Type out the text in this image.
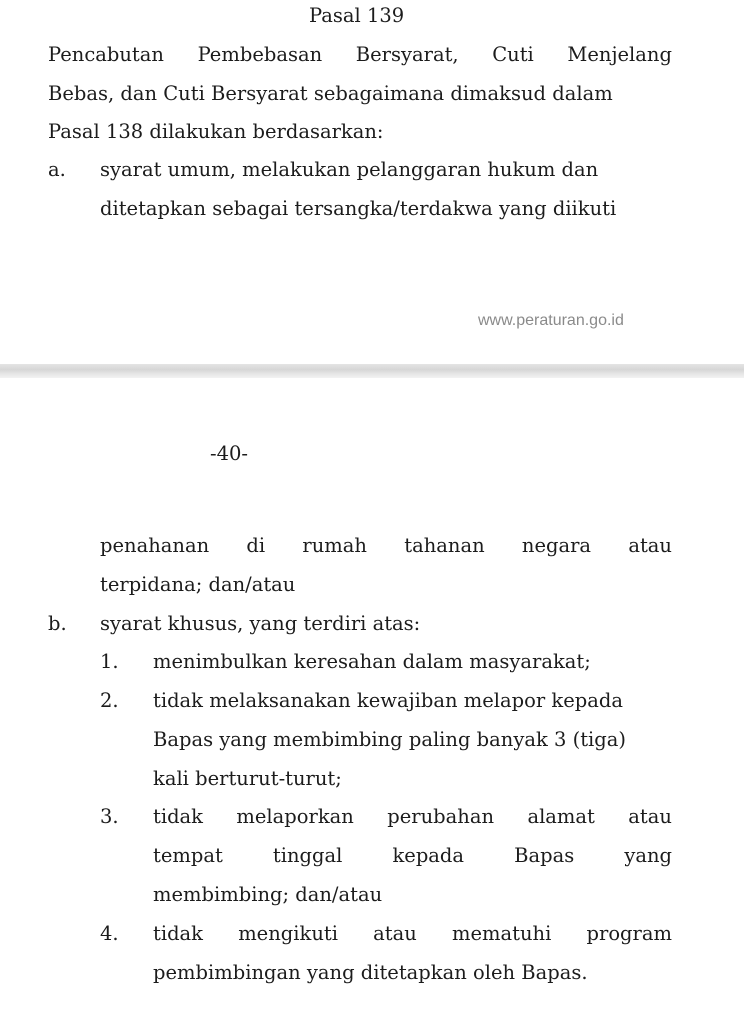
Pasal 139
Pencabutan Pembebasan Bersyarat, Cuti Menjelang
Bebas, dan Cuti Bersyarat sebagaimana dimaksud dalam
Pasal 138 dilakukan berdasarkan:
a. syarat umum, melakukan pelanggaran hukum dan
ditetapkan sebagai tersangka/terdakwa yang diikuti
www.peraturan.go.id
-40-
penahanan di rumah tahanan negara atau
terpidana; dan/atau
b. syarat khusus, yang terdiri atas:
1. menimbulkan keresahan dalam masyarakat;
2. tidak melaksanakan kewajiban melapor kepada
Bapas yang membimbing paling banyak 3 (tiga)
kali berturut-turut;
3. tidak melaporkan perubahan alamat atau
tempat	tinggal	kepada	Bapas	yang
membimbing; dan/atau
4. tidak mengikuti atau mematuhi program
pembimbingan yang ditetapkan oleh Bapas.
